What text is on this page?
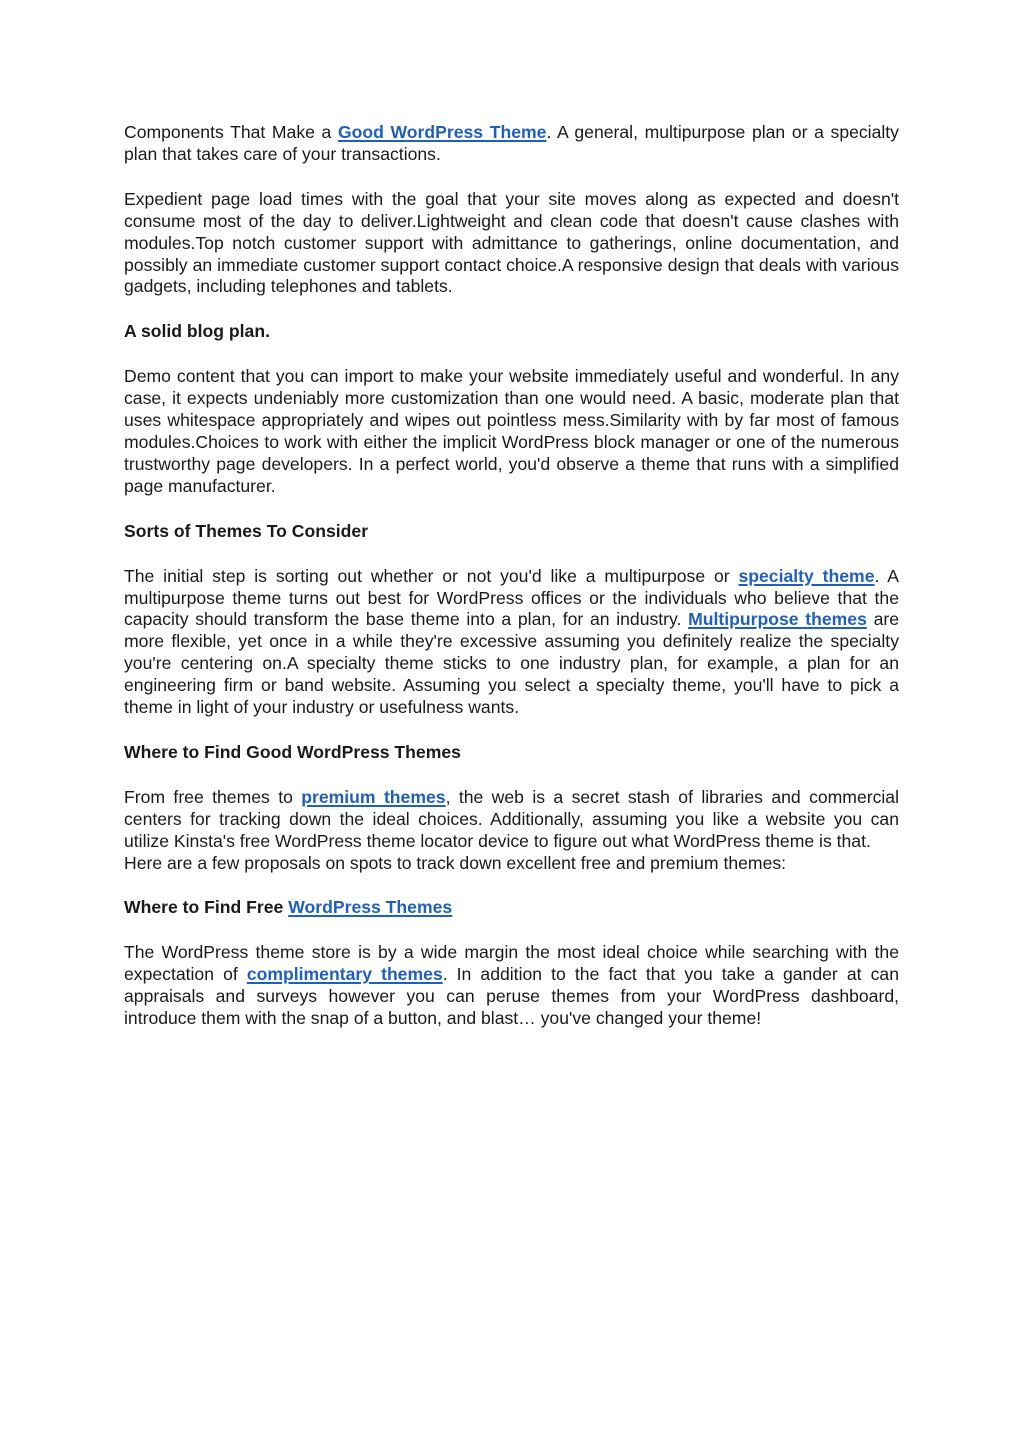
Components That Make a Good WordPress Theme. A general, multipurpose plan or a specialty plan that takes care of your transactions.

Expedient page load times with the goal that your site moves along as expected and doesn't consume most of the day to deliver.Lightweight and clean code that doesn't cause clashes with modules.Top notch customer support with admittance to gatherings, online documentation, and possibly an immediate customer support contact choice.A responsive design that deals with various gadgets, including telephones and tablets.

A solid blog plan.

Demo content that you can import to make your website immediately useful and wonderful. In any case, it expects undeniably more customization than one would need. A basic, moderate plan that uses whitespace appropriately and wipes out pointless mess.Similarity with by far most of famous modules.Choices to work with either the implicit WordPress block manager or one of the numerous trustworthy page developers. In a perfect world, you'd observe a theme that runs with a simplified page manufacturer.

Sorts of Themes To Consider

The initial step is sorting out whether or not you'd like a multipurpose or specialty theme. A multipurpose theme turns out best for WordPress offices or the individuals who believe that the capacity should transform the base theme into a plan, for an industry. Multipurpose themes are more flexible, yet once in a while they're excessive assuming you definitely realize the specialty you're centering on.A specialty theme sticks to one industry plan, for example, a plan for an engineering firm or band website. Assuming you select a specialty theme, you'll have to pick a theme in light of your industry or usefulness wants.

Where to Find Good WordPress Themes

From free themes to premium themes, the web is a secret stash of libraries and commercial centers for tracking down the ideal choices. Additionally, assuming you like a website you can utilize Kinsta's free WordPress theme locator device to figure out what WordPress theme is that.

Here are a few proposals on spots to track down excellent free and premium themes:

Where to Find Free WordPress Themes

The WordPress theme store is by a wide margin the most ideal choice while searching with the expectation of complimentary themes. In addition to the fact that you take a gander at can appraisals and surveys however you can peruse themes from your WordPress dashboard, introduce them with the snap of a button, and blast… you've changed your theme!
